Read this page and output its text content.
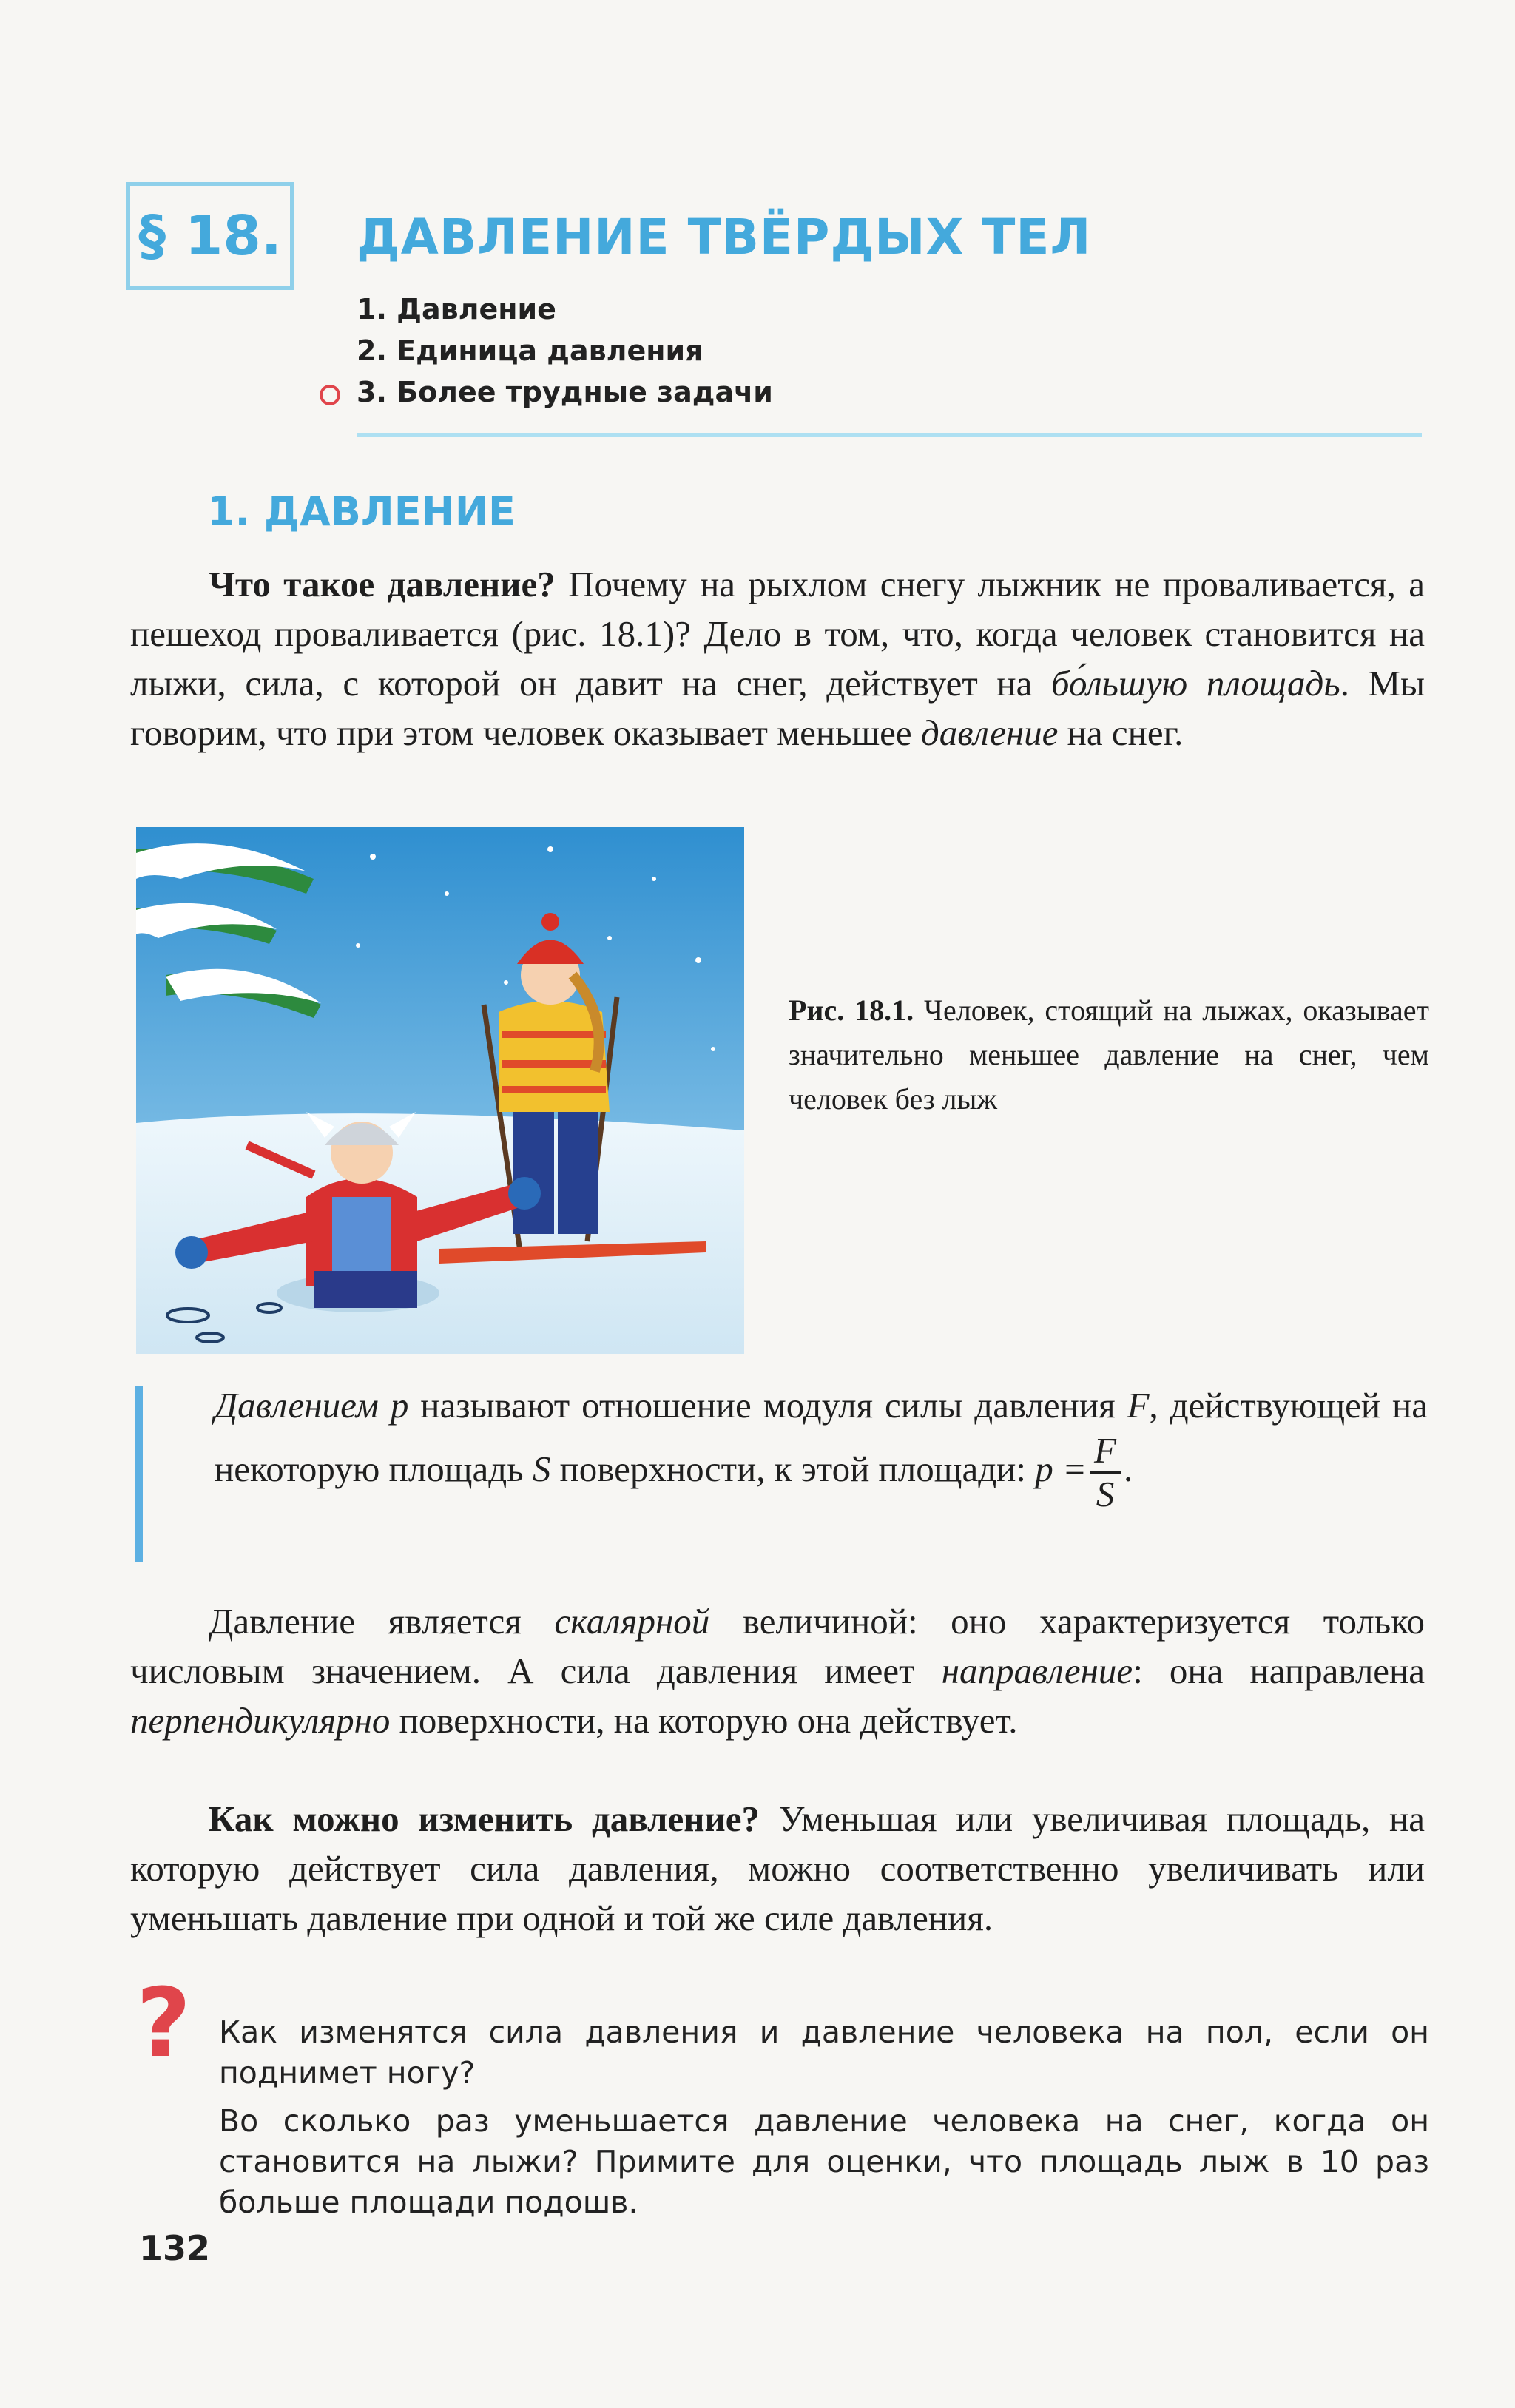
§ 18. ДАВЛЕНИЕ ТВЁРДЫХ ТЕЛ
1. Давление
2. Единица давления
3. Более трудные задачи
1. ДАВЛЕНИЕ
Что такое давление? Почему на рыхлом снегу лыжник не проваливается, а пешеход проваливается (рис. 18.1)? Дело в том, что, когда человек становится на лыжи, сила, с которой он давит на снег, действует на бо́льшую площадь. Мы говорим, что при этом человек оказывает меньшее давление на снег.
Рис. 18.1. Человек, стоящий на лыжах, оказывает значительно меньшее давление на снег, чем человек без лыж
Давлением p называют отношение модуля силы давления F, действующей на некоторую площадь S поверхности, к этой площади: $p = \frac{F}{S}$ .
Давление является скалярной величиной: оно характеризуется только числовым значением. А сила давления имеет направление: она направлена перпендикулярно поверхности, на которую она действует.
Как можно изменить давление? Уменьшая или увеличивая площадь, на которую действует сила давления, можно соответственно увеличивать или уменьшать давление при одной и той же силе давления.
? Как изменятся сила давления и давление человека на пол, если он поднимет ногу?
Во сколько раз уменьшается давление человека на снег, когда он становится на лыжи? Примите для оценки, что площадь лыж в 10 раз больше площади подошв.
132
